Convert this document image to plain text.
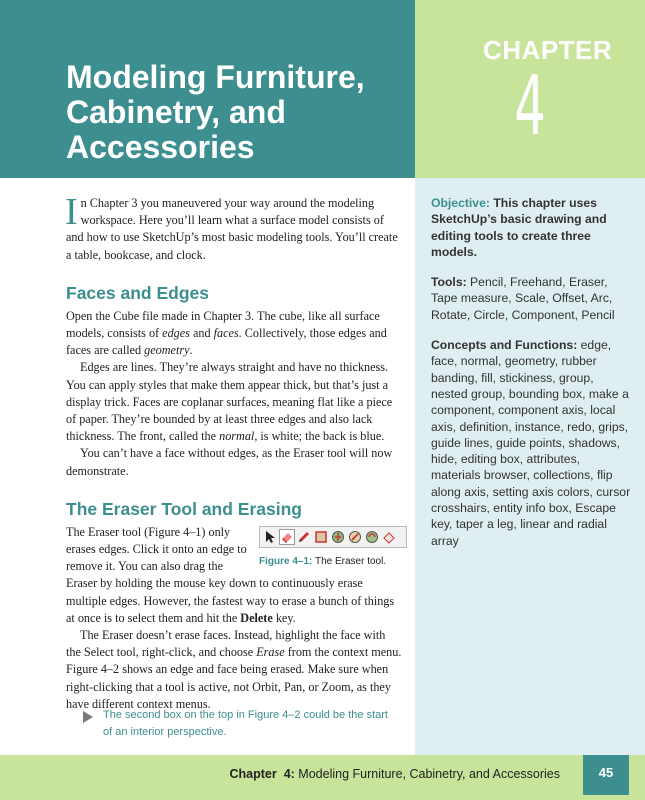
Modeling Furniture,
Cabinetry, and
Accessories
CHAPTER
4

Objective: This chapter uses SketchUp’s basic drawing and editing tools to create three models.

Tools: Pencil, Freehand, Eraser, Tape measure, Scale, Offset, Arc, Rotate, Circle, Component, Pencil

Concepts and Functions: edge, face, normal, geometry, rubber banding, fill, stickiness, group, nested group, bounding box, make a component, component axis, local axis, definition, instance, redo, grips, guide lines, guide points, shadows, hide, editing box, attributes, materials browser, collections, flip along axis, setting axis colors, cursor crosshairs, entity info box, Escape key, taper a leg, linear and radial array

In Chapter 3 you maneuvered your way around the modeling workspace. Here you’ll learn what a surface model consists of and how to use SketchUp’s most basic modeling tools. You’ll create a table, bookcase, and clock.

Faces and Edges

Open the Cube file made in Chapter 3. The cube, like all surface models, consists of edges and faces. Collectively, those edges and faces are called geometry.

Edges are lines. They’re always straight and have no thickness. You can apply styles that make them appear thick, but that’s just a display trick. Faces are coplanar surfaces, meaning flat like a piece of paper. They’re bounded by at least three edges and also lack thickness. The front, called the normal, is white; the back is blue.

You can’t have a face without edges, as the Eraser tool will now demonstrate.

The Eraser Tool and Erasing

Figure 4–1: The Eraser tool.
The Eraser tool (Figure 4–1) only erases edges. Click it onto an edge to remove it. You can also drag the Eraser by holding the mouse key down to continuously erase multiple edges. However, the fastest way to erase a bunch of things at once is to select them and hit the Delete key.

The Eraser doesn’t erase faces. Instead, highlight the face with the Select tool, right-click, and choose Erase from the context menu. Figure 4–2 shows an edge and face being erased. Make sure when right-clicking that a tool is active, not Orbit, Pan, or Zoom, as they have different context menus.

The second box on the top in Figure 4–2 could be the start of an interior perspective.
Chapter 4: Modeling Furniture, Cabinetry, and Accessories	45
